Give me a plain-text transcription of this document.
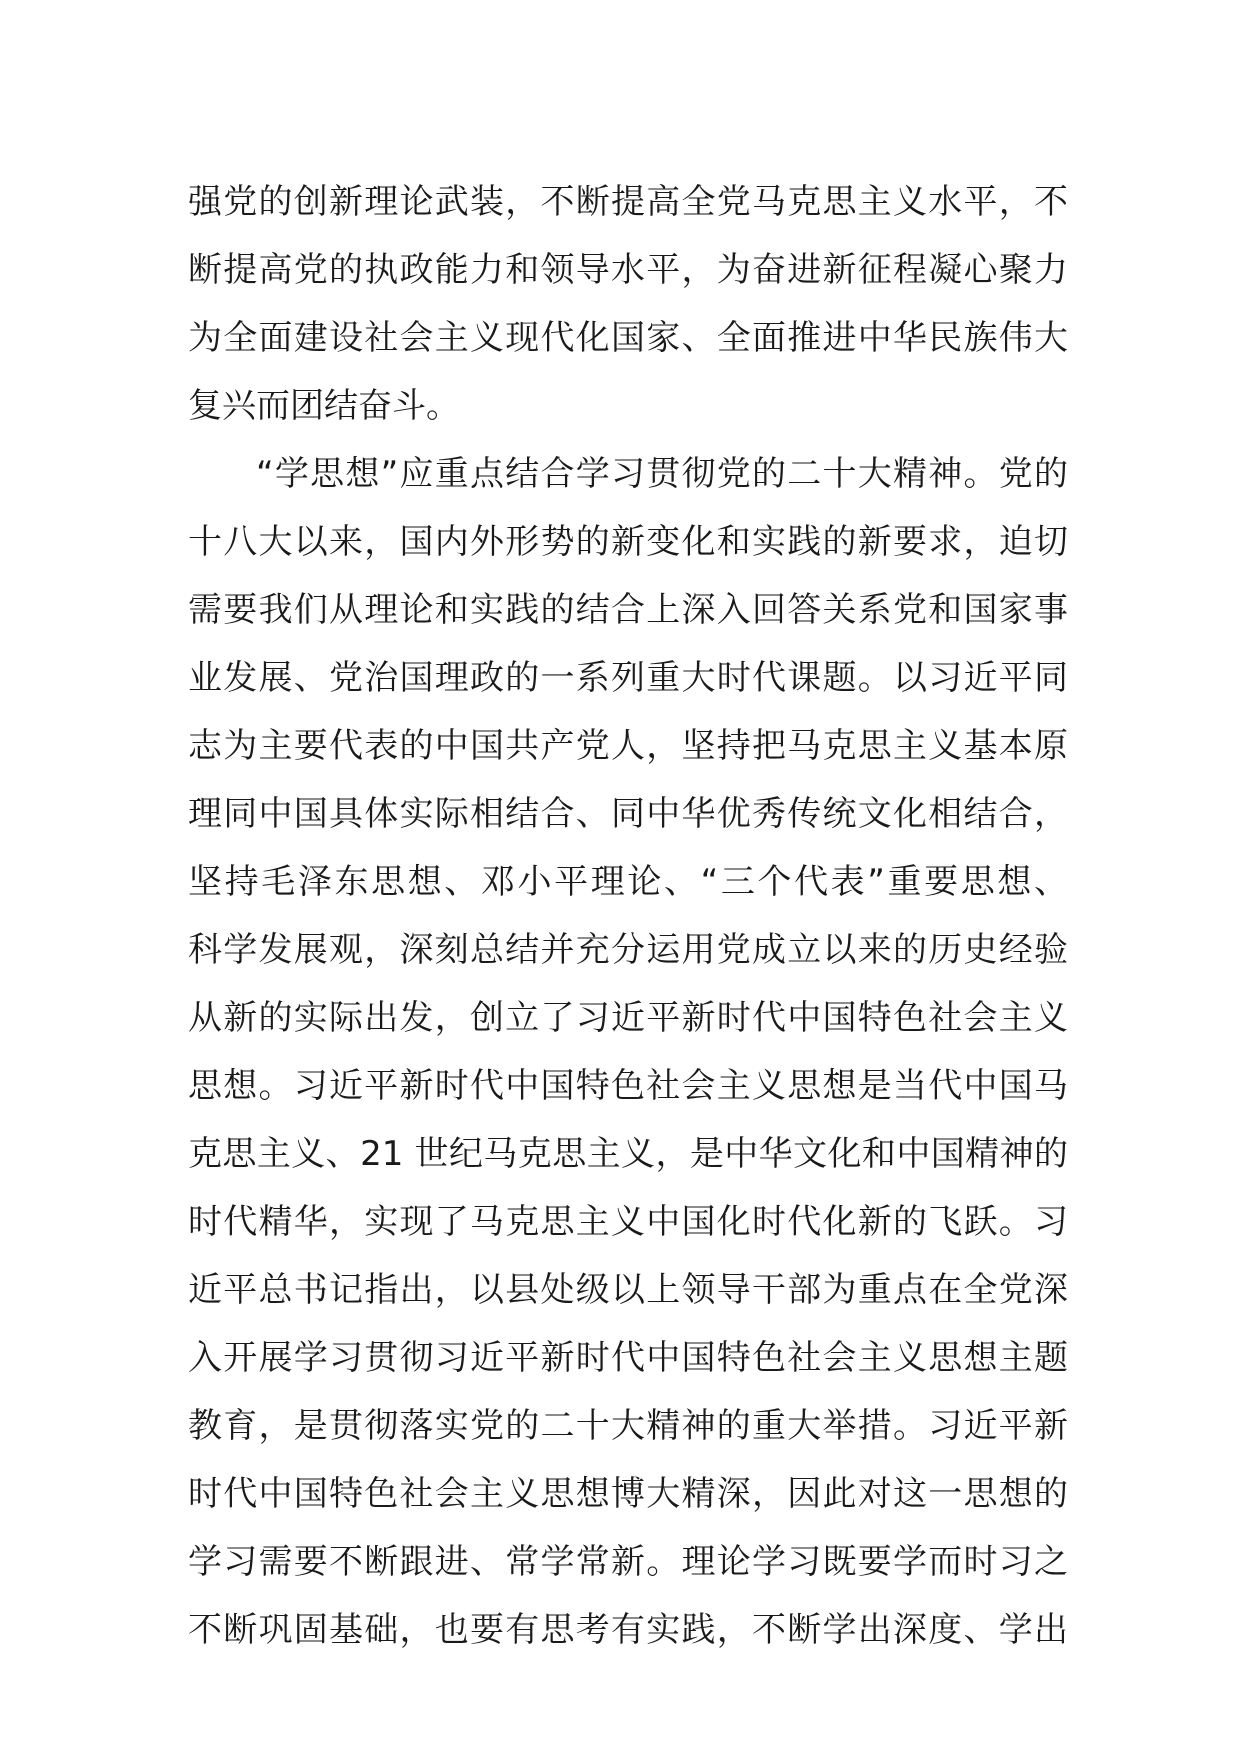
强党的创新理论武装，不断提高全党马克思主义水平，不
断提高党的执政能力和领导水平，为奋进新征程凝心聚力
为全面建设社会主义现代化国家、全面推进中华民族伟大
复兴而团结奋斗。
“学思想”应重点结合学习贯彻党的二十大精神。党的
十八大以来，国内外形势的新变化和实践的新要求，迫切
需要我们从理论和实践的结合上深入回答关系党和国家事
业发展、党治国理政的一系列重大时代课题。以习近平同
志为主要代表的中国共产党人，坚持把马克思主义基本原
理同中国具体实际相结合、同中华优秀传统文化相结合，
坚持毛泽东思想、邓小平理论、“三个代表”重要思想、
科学发展观，深刻总结并充分运用党成立以来的历史经验
从新的实际出发，创立了习近平新时代中国特色社会主义
思想。习近平新时代中国特色社会主义思想是当代中国马
克思主义、21 世纪马克思主义，是中华文化和中国精神的
时代精华，实现了马克思主义中国化时代化新的飞跃。习
近平总书记指出，以县处级以上领导干部为重点在全党深
入开展学习贯彻习近平新时代中国特色社会主义思想主题
教育，是贯彻落实党的二十大精神的重大举措。习近平新
时代中国特色社会主义思想博大精深，因此对这一思想的
学习需要不断跟进、常学常新。理论学习既要学而时习之
不断巩固基础，也要有思考有实践，不断学出深度、学出
